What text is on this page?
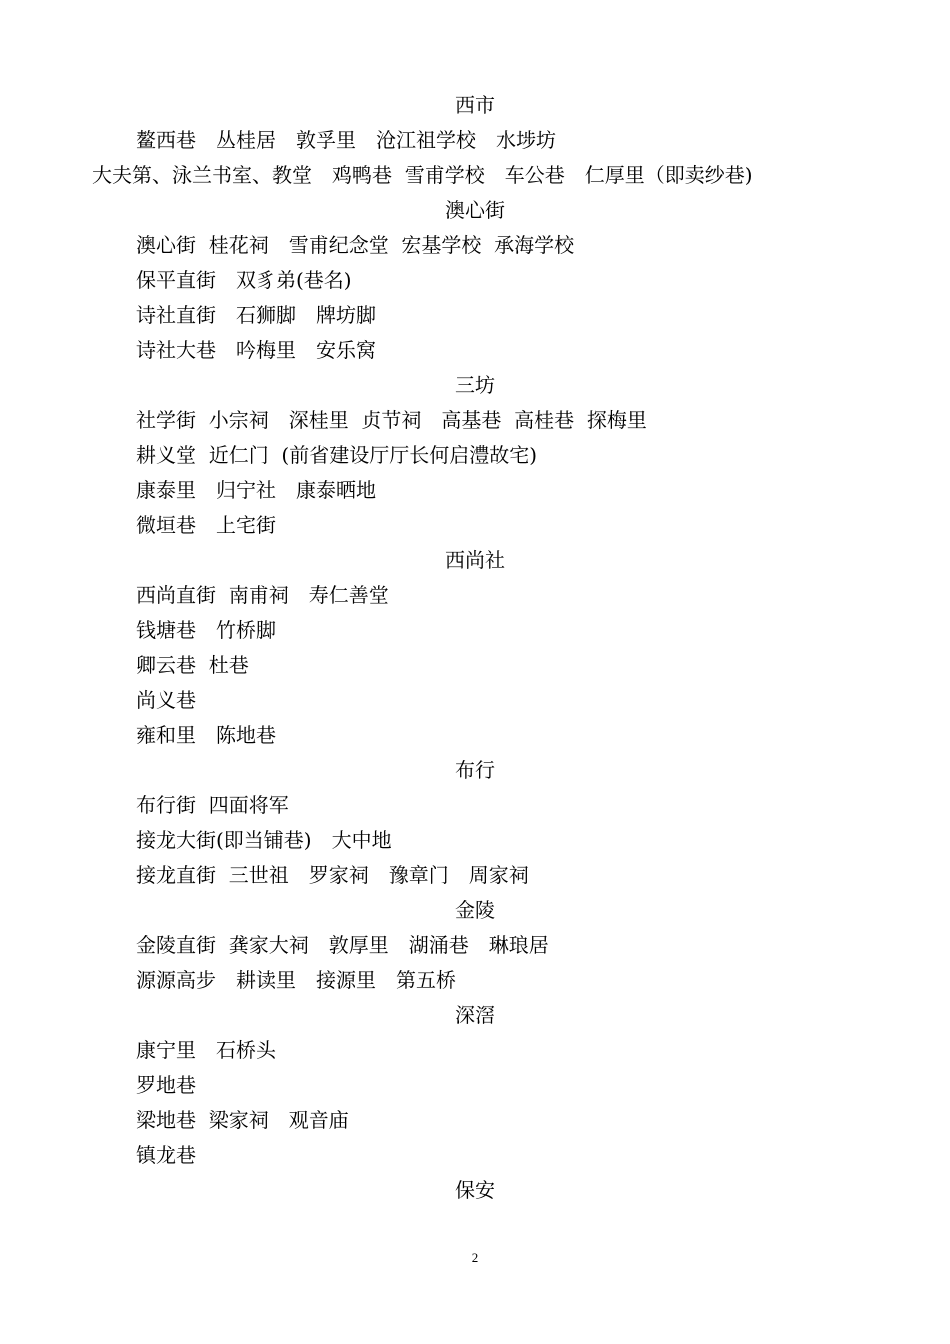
西市
鳌西巷　丛桂居　敦孚里　沧江祖学校　水埗坊
大夫第、泳兰书室、教堂　鸡鸭巷  雪甫学校　车公巷　仁厚里（即卖纱巷)
澳心街
澳心街  桂花祠　雪甫纪念堂  宏基学校  承海学校
保平直街　双豸弟(巷名)
诗社直街　石狮脚　牌坊脚
诗社大巷　吟梅里　安乐窝
三坊
社学街  小宗祠　深桂里  贞节祠　高基巷  高桂巷  探梅里
耕义堂  近仁门  (前省建设厅厅长何启澧故宅)
康泰里　归宁社　康泰晒地
微垣巷　上宅街
西尚社
西尚直街  南甫祠　寿仁善堂
钱塘巷　竹桥脚
卿云巷  杜巷
尚义巷
雍和里　陈地巷
布行
布行街  四面将军
接龙大街(即当铺巷)　大中地
接龙直街  三世祖　罗家祠　豫章门　周家祠
金陵
金陵直街  龚家大祠　敦厚里　湖涌巷　琳琅居
源源高步　耕读里　接源里　第五桥
深滘
康宁里　石桥头
罗地巷
梁地巷  梁家祠　观音庙
镇龙巷
保安
2
